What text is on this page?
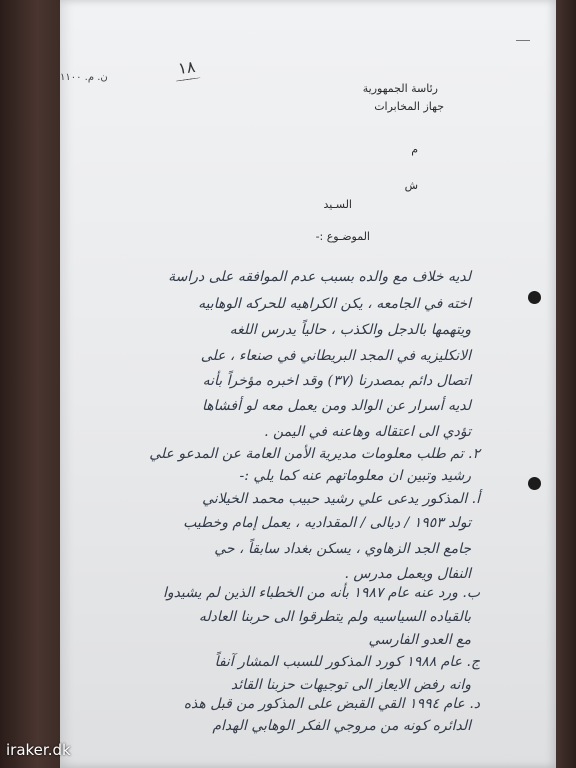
ن. م. ١١٠٠	١٨
رئاسة الجمهورية
جهاز المخابرات
م
ش
السـيد
الموضـوع :-
لديه خلاف مع والده بسبب عدم الموافقه على دراسة
اخته في الجامعه ، يكن الكراهيه للحركه الوهابيه
ويتهمها بالدجل والكذب ، حالياً يدرس اللغه
الانكليزيه في المجد البريطاني في صنعاء ، على
اتصال دائم بمصدرنا (٣٧) وقد اخبره مؤخراً بأنه
لديه أسرار عن الوالد ومن يعمل معه لو أفشاها
تؤدي الى اعتقاله وهاعنه في اليمن .
٢. تم طلب معلومات مديرية الأمن العامة عن المدعو علي
رشيد وتبين ان معلوماتهم عنه كما يلي :-
أ. المذكور يدعى علي رشيد حبيب محمد الخيلاني
تولد ١٩٥٣ / ديالى / المقداديه ، يعمل إمام وخطيب
جامع الجد الزهاوي ، يسكن بغداد سابقاً ، حي
النفال ويعمل مدرس .
ب. ورد عنه عام ١٩٨٧ بأنه من الخطباء الذين لم يشيدوا
بالقياده السياسيه ولم يتطرقوا الى حربنا العادله
مع العدو الفارسي
ج. عام ١٩٨٨ كورد المذكور للسبب المشار آنفاً
وانه رفض الايعاز الى توجيهات حزبنا القائد
د. عام ١٩٩٤ القي القبض على المذكور من قبل هذه
الدائره كونه من مروجي الفكر الوهابي الهدام
iraker.dk
